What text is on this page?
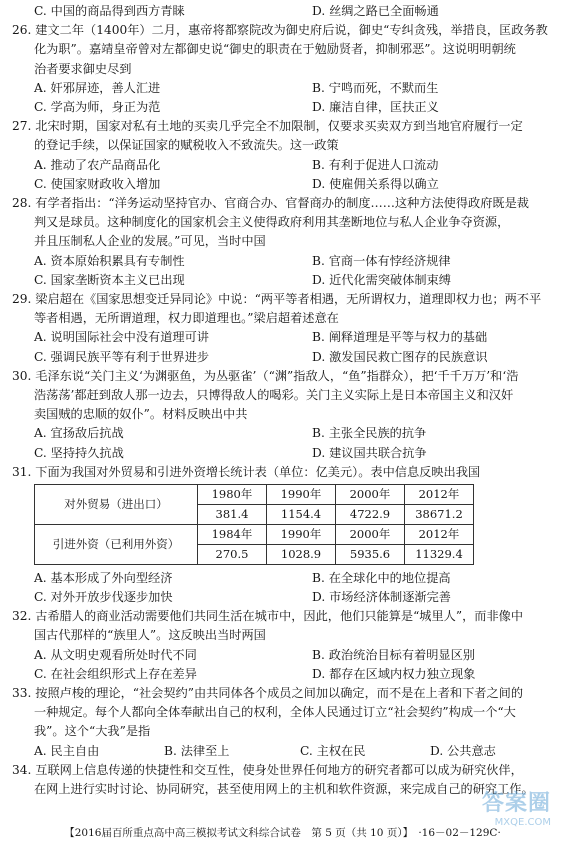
C. 中国的商品得到西方青睐	D. 丝绸之路已全面畅通
26. 建文二年（1400年）二月，惠帝将都察院改为御史府后说，御史“专纠贪残，举措良，匡政务教
化为职”。嘉靖皇帝曾对左都御史说“御史的职责在于勉励贤者，抑制邪恶”。这说明明朝统
治者要求御史尽到
A. 奸邪屏迹，善人汇进	B. 宁鸣而死，不默而生
C. 学高为师，身正为范	D. 廉洁自律，匡扶正义
27. 北宋时期，国家对私有土地的买卖几乎完全不加限制，仅要求买卖双方到当地官府履行一定
的登记手续，以保证国家的赋税收入不致流失。这一政策
A. 推动了农产品商品化	B. 有利于促进人口流动
C. 使国家财政收入增加	D. 使雇佣关系得以确立
28. 有学者指出：“洋务运动坚持官办、官商合办、官督商办的制度……这种方法使得政府既是裁
判又是球员。这种制度化的国家机会主义使得政府利用其垄断地位与私人企业争夺资源，
并且压制私人企业的发展。”可见，当时中国
A. 资本原始积累具有专制性	B. 官商一体有悖经济规律
C. 国家垄断资本主义已出现	D. 近代化需突破体制束缚
29. 梁启超在《国家思想变迁异同论》中说：“两平等者相遇，无所谓权力，道理即权力也；两不平
等者相遇，无所谓道理，权力即道理也。”梁启超着述意在
A. 说明国际社会中没有道理可讲	B. 阐释道理是平等与权力的基础
C. 强调民族平等有利于世界进步	D. 激发国民救亡图存的民族意识
30. 毛泽东说“关门主义‘为渊驱鱼，为丛驱雀’（“渊”指敌人，“鱼”指群众），把‘千千万万’和‘浩
浩荡荡’都赶到敌人那一边去，只博得敌人的喝彩。关门主义实际上是日本帝国主义和汉奸
卖国贼的忠顺的奴仆”。材料反映出中共
A. 宜扬敌后抗战	B. 主张全民族的抗争
C. 坚持持久抗战	D. 建议国共联合抗争
31. 下面为我国对外贸易和引进外资增长统计表（单位：亿美元）。表中信息反映出我国
对外贸易（进出口）	1980年	1990年	2000年	2012年
	381.4	1154.4	4722.9	38671.2
引进外资（已利用外资）	1984年	1990年	2000年	2012年
	270.5	1028.9	5935.6	11329.4
A. 基本形成了外向型经济	B. 在全球化中的地位提高
C. 对外开放步伐逐步加快	D. 市场经济体制逐渐完善
32. 古希腊人的商业活动需要他们共同生活在城市中，因此，他们只能算是“城里人”，而非像中
国古代那样的“族里人”。这反映出当时两国
A. 从文明史观看所处时代不同	B. 政治统治目标有着明显区别
C. 在社会组织形式上存在差异	D. 都存在区域内权力独立现象
33. 按照卢梭的理论，“社会契约”由共同体各个成员之间加以确定，而不是在上者和下者之间的
一种规定。每个人都向全体奉献出自己的权利，全体人民通过订立“社会契约”构成一个“大
我”。这个“大我”是指
A. 民主自由	B. 法律至上	C. 主权在民	D. 公共意志
34. 互联网上信息传递的快捷性和交互性，使身处世界任何地方的研究者都可以成为研究伙伴，
在网上进行实时讨论、协同研究，甚至使用网上的主机和软件资源，来完成自己的研究工作。
答案圈
MXQE.COM
【2016届百所重点高中高三模拟考试文科综合试卷　第 5 页（共 10 页）】　·16－02－129C·
